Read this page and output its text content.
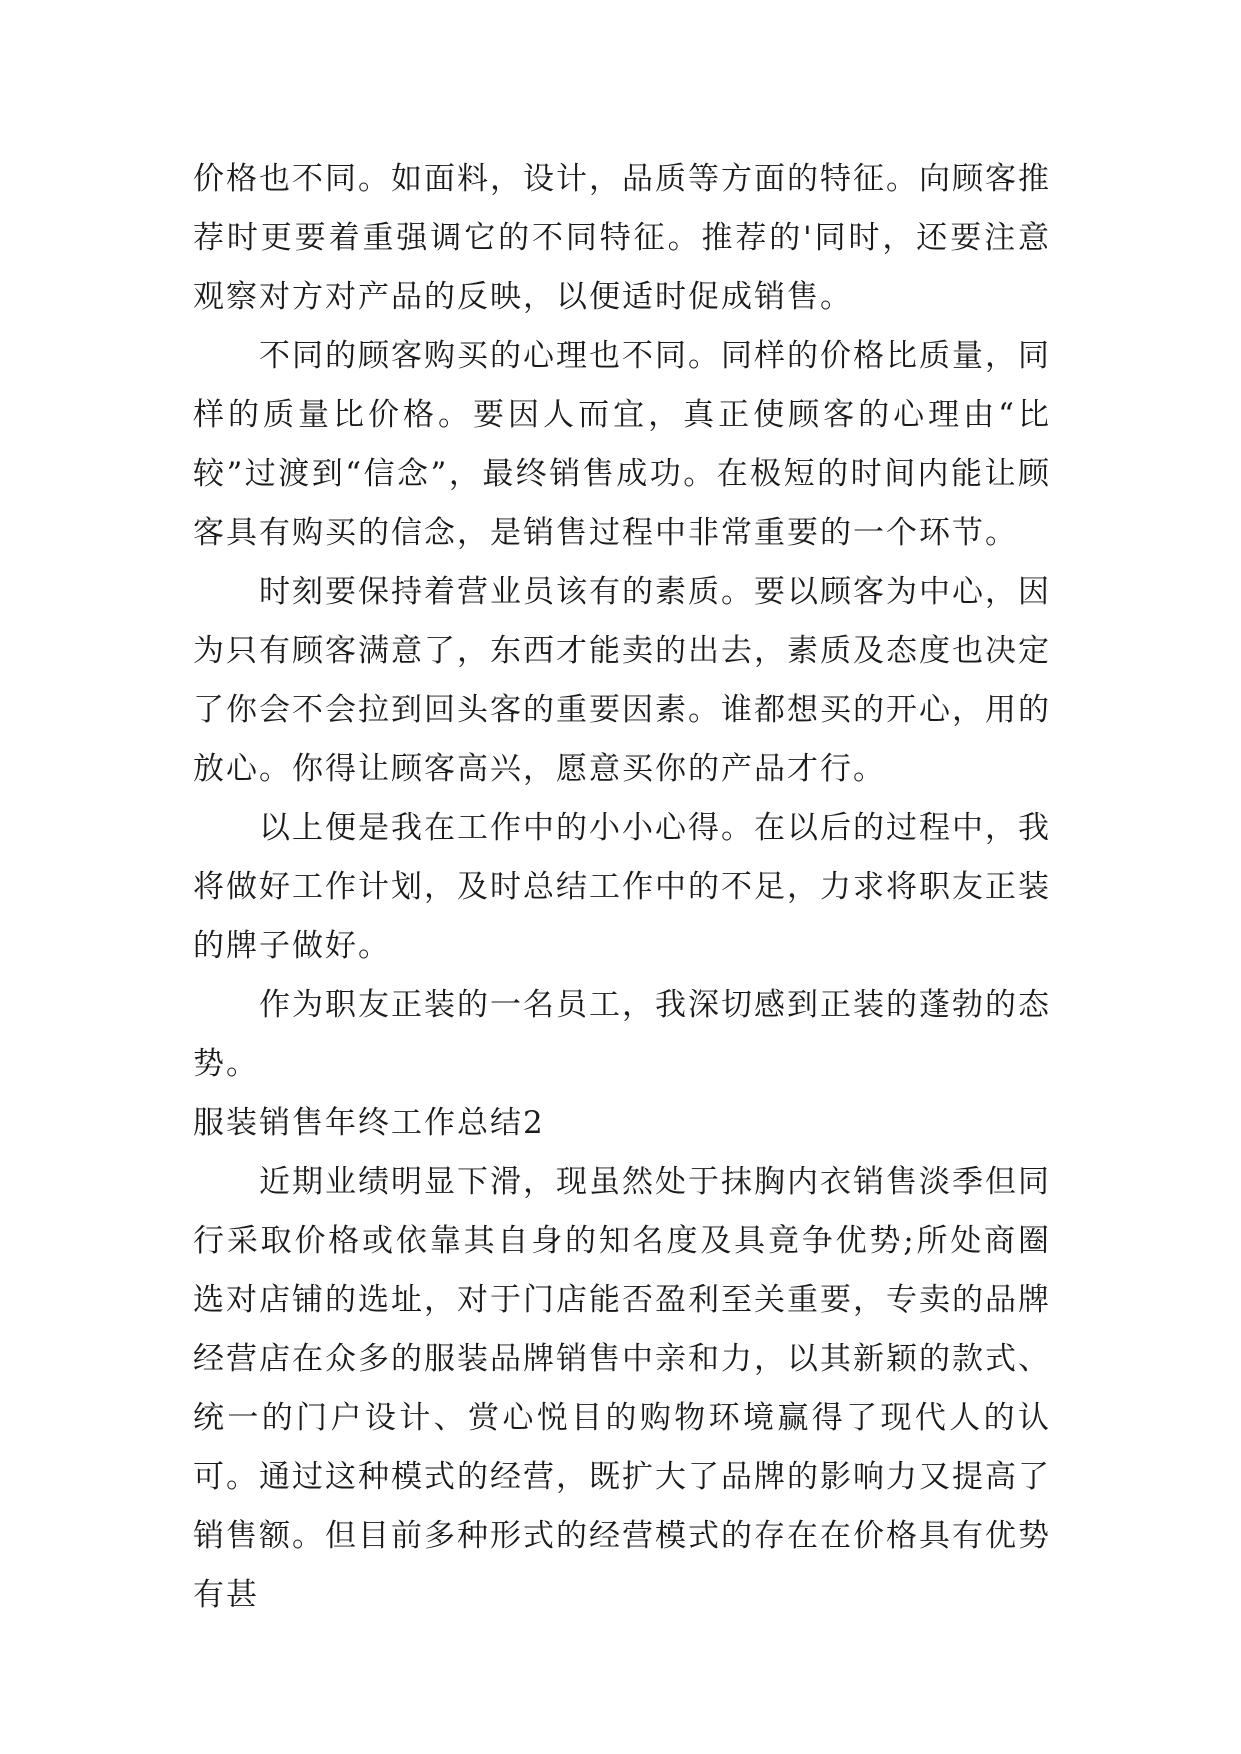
价格也不同。如面料，设计，品质等方面的特征。向顾客推荐时更要着重强调它的不同特征。推荐的'同时，还要注意观察对方对产品的反映，以便适时促成销售。

不同的顾客购买的心理也不同。同样的价格比质量，同样的质量比价格。要因人而宜，真正使顾客的心理由“比较”过渡到“信念”，最终销售成功。在极短的时间内能让顾客具有购买的信念，是销售过程中非常重要的一个环节。

时刻要保持着营业员该有的素质。要以顾客为中心，因为只有顾客满意了，东西才能卖的出去，素质及态度也决定了你会不会拉到回头客的重要因素。谁都想买的开心，用的放心。你得让顾客高兴，愿意买你的产品才行。

以上便是我在工作中的小小心得。在以后的过程中，我将做好工作计划，及时总结工作中的不足，力求将职友正装的牌子做好。

作为职友正装的一名员工，我深切感到正装的蓬勃的态势。

服装销售年终工作总结2

近期业绩明显下滑，现虽然处于抹胸内衣销售淡季但同行采取价格或依靠其自身的知名度及具竟争优势;所处商圈选对店铺的选址，对于门店能否盈利至关重要，专卖的品牌经营店在众多的服装品牌销售中亲和力，以其新颖的款式、统一的门户设计、赏心悦目的购物环境赢得了现代人的认可。通过这种模式的经营，既扩大了品牌的影响力又提高了销售额。但目前多种形式的经营模式的存在在价格具有优势有甚
